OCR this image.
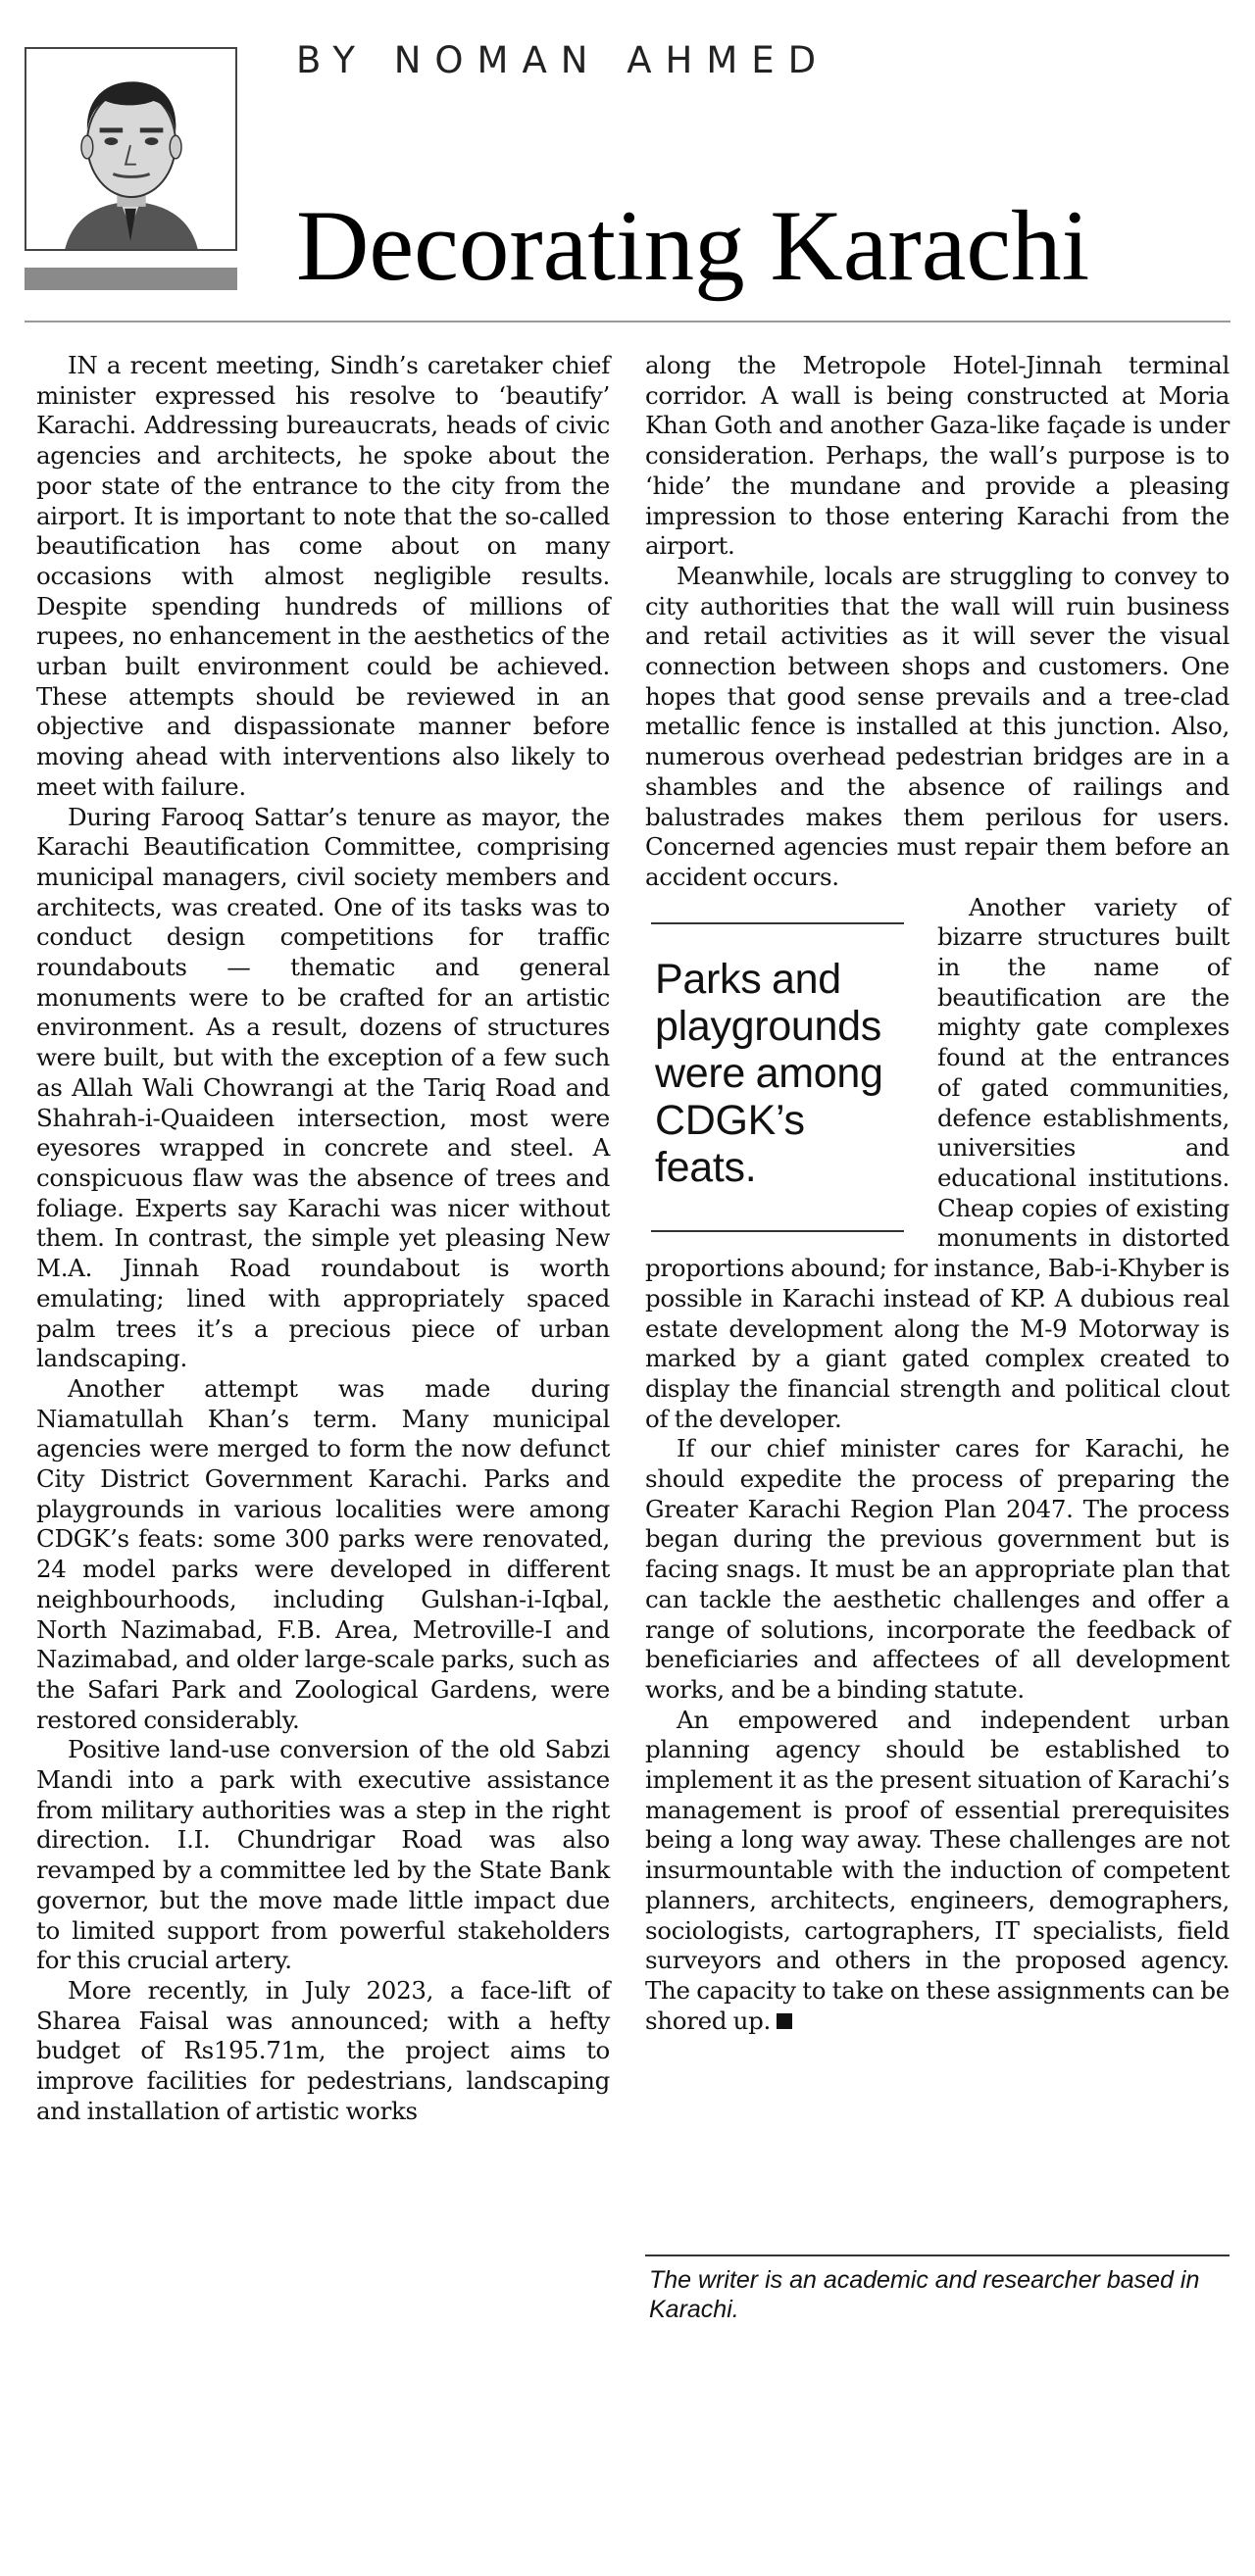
BY NOMAN AHMED
Decorating Karachi

IN a recent meeting, Sindh’s caretaker chief minister expressed his resolve to ‘beautify’ Karachi. Addressing bureaucrats, heads of civic agencies and architects, he spoke about the poor state of the entrance to the city from the airport. It is important to note that the so-called beautification has come about on many occasions with almost negligible results. Despite spending hundreds of millions of rupees, no enhancement in the aesthetics of the urban built environment could be achieved. These attempts should be reviewed in an objective and dispassionate manner before moving ahead with interventions also likely to meet with failure.

During Farooq Sattar’s tenure as mayor, the Karachi Beautification Committee, comprising municipal managers, civil society members and architects, was created. One of its tasks was to conduct design competitions for traffic roundabouts — thematic and general monuments were to be crafted for an artistic environment. As a result, dozens of structures were built, but with the exception of a few such as Allah Wali Chowrangi at the Tariq Road and Shahrah-i-Quaideen intersection, most were eyesores wrapped in concrete and steel. A conspicuous flaw was the absence of trees and foliage. Experts say Karachi was nicer without them. In contrast, the simple yet pleasing New M.A. Jinnah Road roundabout is worth emulating; lined with appropriately spaced palm trees it’s a precious piece of urban landscaping.

Another attempt was made during Niamatullah Khan’s term. Many municipal agencies were merged to form the now defunct City District Government Karachi. Parks and playgrounds in various localities were among CDGK’s feats: some 300 parks were renovated, 24 model parks were developed in different neighbourhoods, including Gulshan-i-Iqbal, North Nazimabad, F.B. Area, Metroville-I and Nazimabad, and older large-scale parks, such as the Safari Park and Zoological Gardens, were restored considerably.

Positive land-use conversion of the old Sabzi Mandi into a park with executive assistance from military authorities was a step in the right direction. I.I. Chundrigar Road was also revamped by a committee led by the State Bank governor, but the move made little impact due to limited support from powerful stakeholders for this crucial artery.

More recently, in July 2023, a face-lift of Sharea Faisal was announced; with a hefty budget of Rs195.71m, the project aims to improve facilities for pedestrians, landscaping and installation of artistic works

along the Metropole Hotel-Jinnah terminal corridor. A wall is being constructed at Moria Khan Goth and another Gaza-like façade is under consideration. Perhaps, the wall’s purpose is to ‘hide’ the mundane and provide a pleasing impression to those entering Karachi from the airport.

Meanwhile, locals are struggling to convey to city authorities that the wall will ruin business and retail activities as it will sever the visual connection between shops and customers. One hopes that good sense prevails and a tree-clad metallic fence is installed at this junction. Also, numerous overhead pedestrian bridges are in a shambles and the absence of railings and balustrades makes them perilous for users. Concerned agencies must repair them before an accident occurs.

Parks and
playgrounds
were among
CDGK’s
feats.

Another variety of bizarre structures built in the name of beautification are the mighty gate complexes found at the entrances of gated communities, defence establishments, universities and educational institutions. Cheap copies of existing monuments in distorted proportions abound; for instance, Bab-i-Khyber is possible in Karachi instead of KP. A dubious real estate development along the M-9 Motorway is marked by a giant gated complex created to display the financial strength and political clout of the developer.

If our chief minister cares for Karachi, he should expedite the process of preparing the Greater Karachi Region Plan 2047. The process began during the previous government but is facing snags. It must be an appropriate plan that can tackle the aesthetic challenges and offer a range of solutions, incorporate the feedback of beneficiaries and affectees of all development works, and be a binding statute.

An empowered and independent urban planning agency should be established to implement it as the present situation of Karachi’s management is proof of essential prerequisites being a long way away. These challenges are not insurmountable with the induction of competent planners, architects, engineers, demographers, sociologists, cartographers, IT specialists, field surveyors and others in the proposed agency. The capacity to take on these assignments can be shored up.

The writer is an academic and researcher based in Karachi.
